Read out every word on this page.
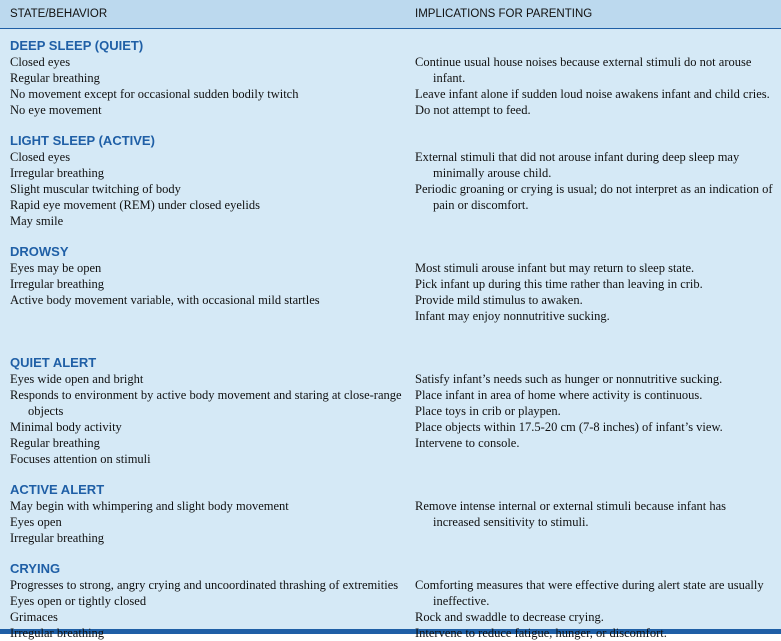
STATE/BEHAVIOR	IMPLICATIONS FOR PARENTING
DEEP SLEEP (QUIET)
Closed eyes
Regular breathing
No movement except for occasional sudden bodily twitch
No eye movement
Continue usual house noises because external stimuli do not arouse infant.
Leave infant alone if sudden loud noise awakens infant and child cries.
Do not attempt to feed.
LIGHT SLEEP (ACTIVE)
Closed eyes
Irregular breathing
Slight muscular twitching of body
Rapid eye movement (REM) under closed eyelids
May smile
External stimuli that did not arouse infant during deep sleep may minimally arouse child.
Periodic groaning or crying is usual; do not interpret as an indication of pain or discomfort.
DROWSY
Eyes may be open
Irregular breathing
Active body movement variable, with occasional mild startles
Most stimuli arouse infant but may return to sleep state.
Pick infant up during this time rather than leaving in crib.
Provide mild stimulus to awaken.
Infant may enjoy nonnutritive sucking.
QUIET ALERT
Eyes wide open and bright
Responds to environment by active body movement and staring at close-range objects
Minimal body activity
Regular breathing
Focuses attention on stimuli
Satisfy infant’s needs such as hunger or nonnutritive sucking.
Place infant in area of home where activity is continuous.
Place toys in crib or playpen.
Place objects within 17.5-20 cm (7-8 inches) of infant’s view.
Intervene to console.
ACTIVE ALERT
May begin with whimpering and slight body movement
Eyes open
Irregular breathing
Remove intense internal or external stimuli because infant has increased sensitivity to stimuli.
CRYING
Progresses to strong, angry crying and uncoordinated thrashing of extremities
Eyes open or tightly closed
Grimaces
Irregular breathing
Comforting measures that were effective during alert state are usually ineffective.
Rock and swaddle to decrease crying.
Intervene to reduce fatigue, hunger, or discomfort.
